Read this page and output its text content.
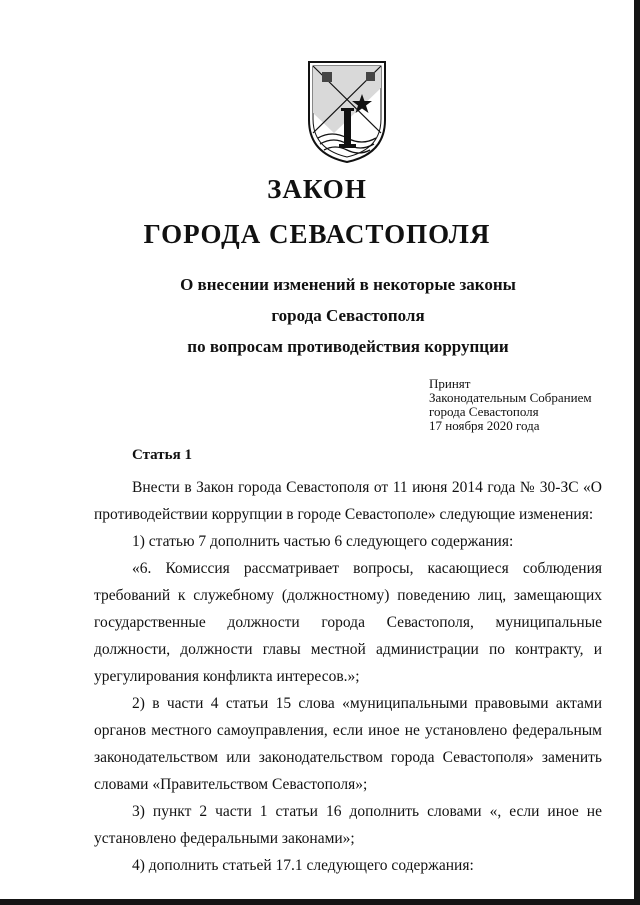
ЗАКОН
ГОРОДА СЕВАСТОПОЛЯ
О внесении изменений в некоторые законы
города Севастополя
по вопросам противодействия коррупции
Принят
Законодательным Собранием
города Севастополя
17 ноября 2020 года
Статья 1

Внести в Закон города Севастополя от 11 июня 2014 года № 30-ЗС «О противодействии коррупции в городе Севастополе» следующие изменения:

1) статью 7 дополнить частью 6 следующего содержания:

«6. Комиссия рассматривает вопросы, касающиеся соблюдения требований к служебному (должностному) поведению лиц, замещающих государственные должности города Севастополя, муниципальные должности, должности главы местной администрации по контракту, и урегулирования конфликта интересов.»;

2) в части 4 статьи 15 слова «муниципальными правовыми актами органов местного самоуправления, если иное не установлено федеральным законодательством или законодательством города Севастополя» заменить словами «Правительством Севастополя»;

3) пункт 2 части 1 статьи 16 дополнить словами «, если иное не установлено федеральными законами»;

4) дополнить статьей 17.1 следующего содержания:
